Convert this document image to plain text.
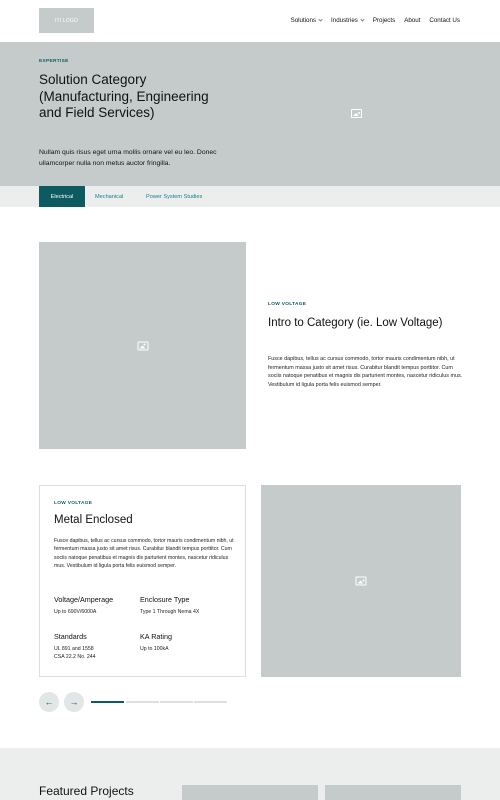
ITI LOGO	Solutions Industries Projects About Contact Us
EXPERTISE
Solution Category (Manufacturing, Engineering and Field Services)

Nullam quis risus eget urna mollis ornare vel eu leo. Donec ullamcorper nulla non metus auctor fringilla.

Electrical	Mechanical	Power System Studies
LOW VOLTAGE
Intro to Category (ie. Low Voltage)

Fusce dapibus, tellus ac cursus commodo, tortor mauris condimentum nibh, ut fermentum massa justo sit amet risus. Curabitur blandit tempus porttitor. Cum sociis natoque penatibus et magnis dis parturient montes, nascetur ridiculus mus. Vestibulum id ligula porta felis euismod semper.

LOW VOLTAGE
Metal Enclosed

Fusce dapibus, tellus ac cursus commodo, tortor mauris condimentum nibh, ut fermentum massa justo sit amet risus. Curabitur blandit tempus porttitor. Cum sociis natoque penatibus et magnis dis parturient montes, nascetur ridiculus mus. Vestibulum id ligula porta felis euismod semper.

Voltage/Amperage
Up to 690V/6000A
Enclosure Type
Type 1 Through Nema 4X
Standards
UL 891 and 1558
CSA 22.2 No. 244
KA Rating
Up to 100kA
← →
Featured Projects
